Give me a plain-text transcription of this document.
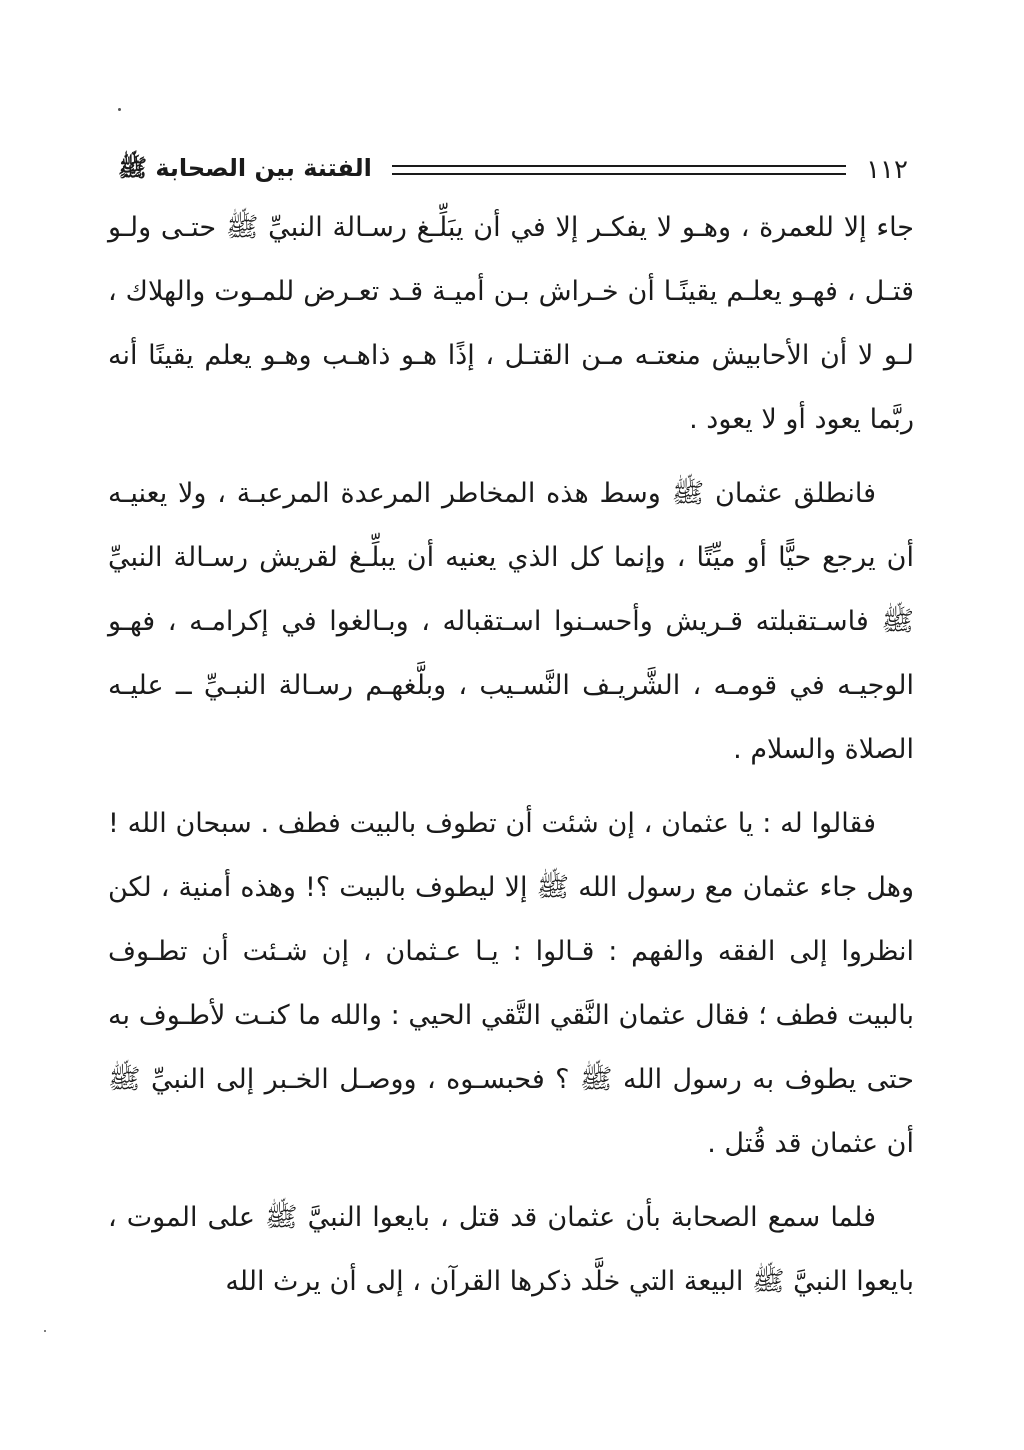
١١٢
الفتنة بين الصحابة ﷺ

جاء إلا للعمرة ، وهـو لا يفكـر إلا في أن يبَلِّـغ رسـالة النبيِّ ﷺ حتـى ولـو قتـل ، فهـو يعلـم يقينًـا أن خـراش بـن أميـة قـد تعـرض للمـوت والهلاك ، لـو لا أن الأحابيش منعتـه مـن القتـل ، إذًا هـو ذاهـب وهـو يعلم يقينًا أنه ربَّما يعود أو لا يعود .

فانطلق عثمان ﷺ وسط هذه المخاطر المرعدة المرعبـة ، ولا يعنيـه أن يرجع حيًّا أو ميِّتًا ، وإنما كل الذي يعنيه أن يبلِّـغ لقريش رسـالة النبيِّ ﷺ فاسـتقبلته قـريش وأحسـنوا اسـتقباله ، وبـالغوا في إكرامـه ، فهـو الوجيـه في قومـه ، الشَّريـف النَّسـيب ، وبلَّغهـم رسـالة النبـيِّ ــ عليـه الصلاة والسلام .

فقالوا له : يا عثمان ، إن شئت أن تطوف بالبيت فطف . سبحان الله ! وهل جاء عثمان مع رسول الله ﷺ إلا ليطوف بالبيت ؟! وهذه أمنية ، لكن انظروا إلى الفقه والفهم : قـالوا : يـا عـثمان ، إن شـئت أن تطـوف بالبيت فطف ؛ فقال عثمان النَّقي التَّقي الحيي : والله ما كنـت لأطـوف به حتى يطوف به رسول الله ﷺ ؟ فحبسـوه ، ووصـل الخـبر إلى النبيِّ ﷺ أن عثمان قد قُتل .

فلما سمع الصحابة بأن عثمان قد قتل ، بايعوا النبيَّ ﷺ على الموت ، بايعوا النبيَّ ﷺ البيعة التي خلَّد ذكرها القرآن ، إلى أن يرث الله
